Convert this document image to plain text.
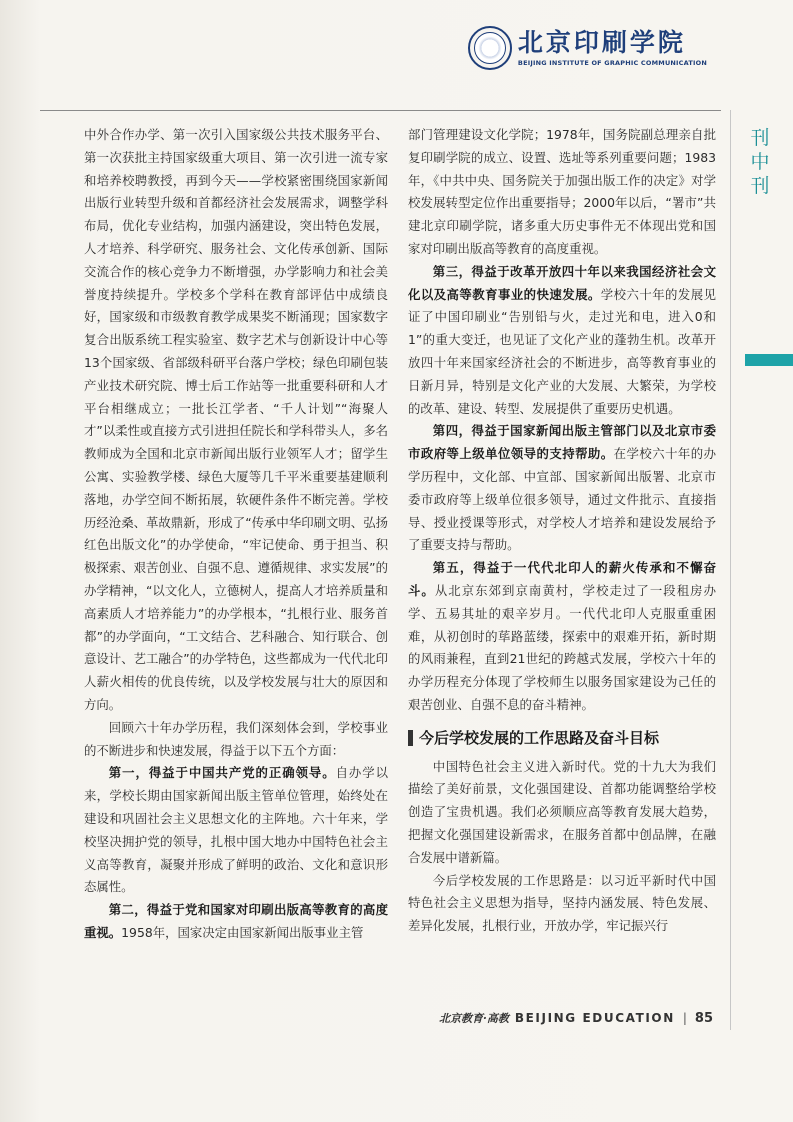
北京印刷学院
BEIJING INSTITUTE OF GRAPHIC COMMUNICATION
刊中刊

中外合作办学、第一次引入国家级公共技术服务平台、第一次获批主持国家级重大项目、第一次引进一流专家和培养校聘教授，再到今天——学校紧密围绕国家新闻出版行业转型升级和首都经济社会发展需求，调整学科布局，优化专业结构，加强内涵建设，突出特色发展，人才培养、科学研究、服务社会、文化传承创新、国际交流合作的核心竞争力不断增强，办学影响力和社会美誉度持续提升。学校多个学科在教育部评估中成绩良好，国家级和市级教育教学成果奖不断涌现；国家数字复合出版系统工程实验室、数字艺术与创新设计中心等13个国家级、省部级科研平台落户学校；绿色印刷包装产业技术研究院、博士后工作站等一批重要科研和人才平台相继成立；一批长江学者、“千人计划”“海聚人才”以柔性或直接方式引进担任院长和学科带头人，多名教师成为全国和北京市新闻出版行业领军人才；留学生公寓、实验教学楼、绿色大厦等几千平米重要基建顺利落地，办学空间不断拓展，软硬件条件不断完善。学校历经沧桑、革故鼎新，形成了“传承中华印刷文明、弘扬红色出版文化”的办学使命，“牢记使命、勇于担当、积极探索、艰苦创业、自强不息、遵循规律、求实发展”的办学精神，“以文化人，立德树人，提高人才培养质量和高素质人才培养能力”的办学根本，“扎根行业、服务首都”的办学面向，“工文结合、艺科融合、知行联合、创意设计、艺工融合”的办学特色，这些都成为一代代北印人薪火相传的优良传统，以及学校发展与壮大的原因和方向。

回顾六十年办学历程，我们深刻体会到，学校事业的不断进步和快速发展，得益于以下五个方面：

第一，得益于中国共产党的正确领导。自办学以来，学校长期由国家新闻出版主管单位管理，始终处在建设和巩固社会主义思想文化的主阵地。六十年来，学校坚决拥护党的领导，扎根中国大地办中国特色社会主义高等教育，凝聚并形成了鲜明的政治、文化和意识形态属性。

第二，得益于党和国家对印刷出版高等教育的高度重视。1958年，国家决定由国家新闻出版事业主管

部门管理建设文化学院；1978年，国务院副总理亲自批复印刷学院的成立、设置、选址等系列重要问题；1983年，《中共中央、国务院关于加强出版工作的决定》对学校发展转型定位作出重要指导；2000年以后，“署市”共建北京印刷学院，诸多重大历史事件无不体现出党和国家对印刷出版高等教育的高度重视。

第三，得益于改革开放四十年以来我国经济社会文化以及高等教育事业的快速发展。学校六十年的发展见证了中国印刷业“告别铅与火，走过光和电，进入0和1”的重大变迁，也见证了文化产业的蓬勃生机。改革开放四十年来国家经济社会的不断进步，高等教育事业的日新月异，特别是文化产业的大发展、大繁荣，为学校的改革、建设、转型、发展提供了重要历史机遇。

第四，得益于国家新闻出版主管部门以及北京市委市政府等上级单位领导的支持帮助。在学校六十年的办学历程中，文化部、中宣部、国家新闻出版署、北京市委市政府等上级单位很多领导，通过文件批示、直接指导、授业授课等形式，对学校人才培养和建设发展给予了重要支持与帮助。

第五，得益于一代代北印人的薪火传承和不懈奋斗。从北京东郊到京南黄村，学校走过了一段租房办学、五易其址的艰辛岁月。一代代北印人克服重重困难，从初创时的荜路蓝缕，探索中的艰难开拓，新时期的风雨兼程，直到21世纪的跨越式发展，学校六十年的办学历程充分体现了学校师生以服务国家建设为己任的艰苦创业、自强不息的奋斗精神。

今后学校发展的工作思路及奋斗目标

中国特色社会主义进入新时代。党的十九大为我们描绘了美好前景，文化强国建设、首都功能调整给学校创造了宝贵机遇。我们必须顺应高等教育发展大趋势，把握文化强国建设新需求，在服务首都中创品牌，在融合发展中谱新篇。

今后学校发展的工作思路是：以习近平新时代中国特色社会主义思想为指导，坚持内涵发展、特色发展、差异化发展，扎根行业，开放办学，牢记振兴行

北京教育·高教 BEIJING EDUCATION | 85
